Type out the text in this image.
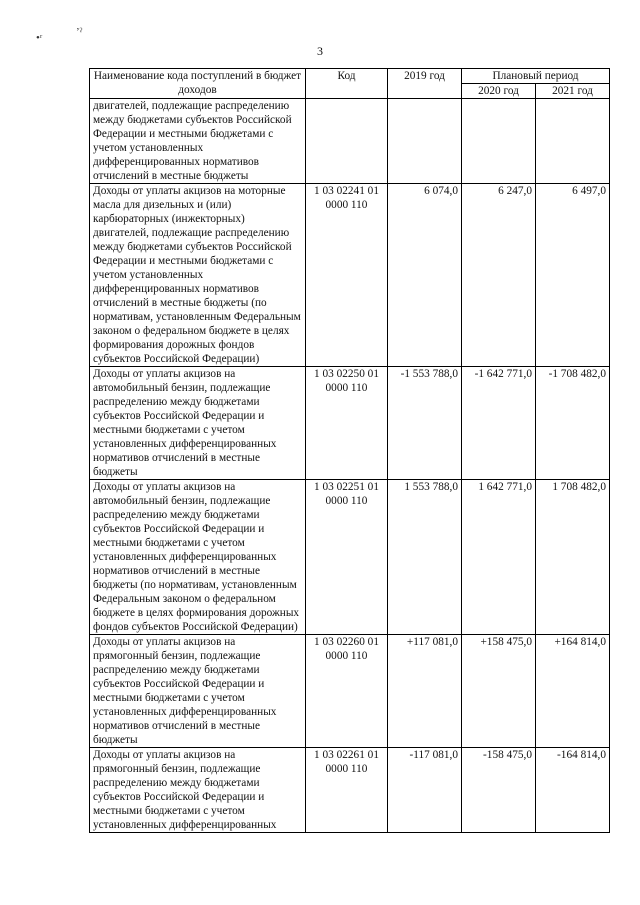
•ʳ	ʼˀ
3
Наименование кода поступлений в бюджет доходов	Код	2019 год	Плановый период	
			2020 год	2021 год
двигателей, подлежащие распределению между бюджетами субъектов Российской Федерации и местными бюджетами с учетом установленных дифференцированных нормативов отчислений в местные бюджеты				
Доходы от уплаты акцизов на моторные масла для дизельных и (или) карбюраторных (инжекторных) двигателей, подлежащие распределению между бюджетами субъектов Российской Федерации и местными бюджетами с учетом установленных дифференцированных нормативов отчислений в местные бюджеты (по нормативам, установленным Федеральным законом о федеральном бюджете в целях формирования дорожных фондов субъектов Российской Федерации)	1 03 02241 01 0000 110	6 074,0	6 247,0	6 497,0
Доходы от уплаты акцизов на автомобильный бензин, подлежащие распределению между бюджетами субъектов Российской Федерации и местными бюджетами с учетом установленных дифференцированных нормативов отчислений в местные бюджеты	1 03 02250 01 0000 110	-1 553 788,0	-1 642 771,0	-1 708 482,0
Доходы от уплаты акцизов на автомобильный бензин, подлежащие распределению между бюджетами субъектов Российской Федерации и местными бюджетами с учетом установленных дифференцированных нормативов отчислений в местные бюджеты (по нормативам, установленным Федеральным законом о федеральном бюджете в целях формирования дорожных фондов субъектов Российской Федерации)	1 03 02251 01 0000 110	1 553 788,0	1 642 771,0	1 708 482,0
Доходы от уплаты акцизов на прямогонный бензин, подлежащие распределению между бюджетами субъектов Российской Федерации и местными бюджетами с учетом установленных дифференцированных нормативов отчислений в местные бюджеты	1 03 02260 01 0000 110	+117 081,0	+158 475,0	+164 814,0
Доходы от уплаты акцизов на прямогонный бензин, подлежащие распределению между бюджетами субъектов Российской Федерации и местными бюджетами с учетом установленных дифференцированных	1 03 02261 01 0000 110	-117 081,0	-158 475,0	-164 814,0
